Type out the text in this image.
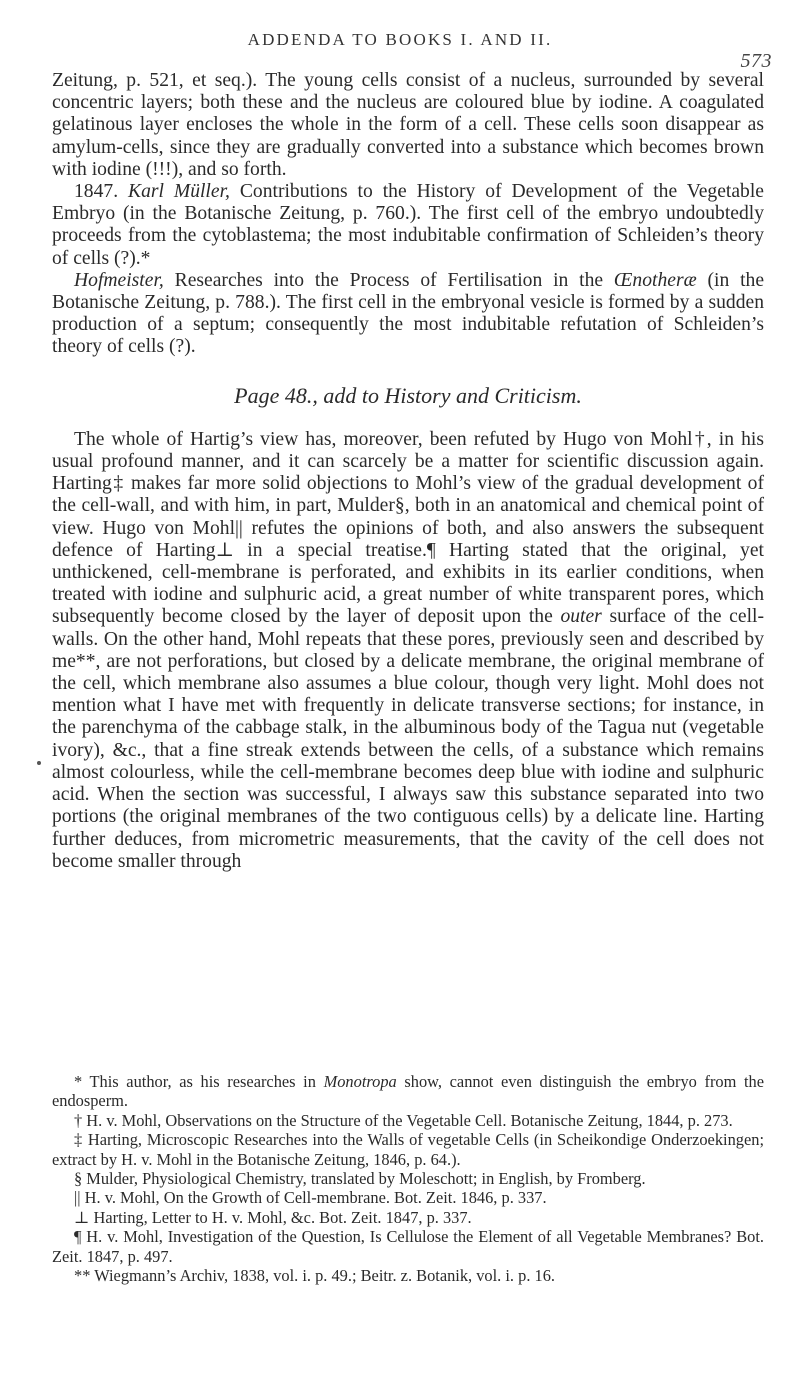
ADDENDA TO BOOKS I. AND II.
573

Zeitung, p. 521, et seq.). The young cells consist of a nucleus, surrounded by several concentric layers; both these and the nucleus are coloured blue by iodine. A coagulated gelatinous layer encloses the whole in the form of a cell. These cells soon disappear as amylum-cells, since they are gradually converted into a substance which becomes brown with iodine (!!!), and so forth.

1847. Karl Müller, Contributions to the History of Development of the Vegetable Embryo (in the Botanische Zeitung, p. 760.). The first cell of the embryo undoubtedly proceeds from the cytoblastema; the most indubitable confirmation of Schleiden’s theory of cells (?).*

Hofmeister, Researches into the Process of Fertilisation in the Œnotheræ (in the Botanische Zeitung, p. 788.). The first cell in the embryonal vesicle is formed by a sudden production of a septum; consequently the most indubitable refutation of Schleiden’s theory of cells (?).

Page 48., add to History and Criticism.

The whole of Hartig’s view has, moreover, been refuted by Hugo von Mohl†, in his usual profound manner, and it can scarcely be a matter for scientific discussion again. Harting‡ makes far more solid objections to Mohl’s view of the gradual development of the cell-wall, and with him, in part, Mulder§, both in an anatomical and chemical point of view. Hugo von Mohl|| refutes the opinions of both, and also answers the subsequent defence of Harting⊥ in a special treatise.¶ Harting stated that the original, yet unthickened, cell-membrane is perforated, and exhibits in its earlier conditions, when treated with iodine and sulphuric acid, a great number of white transparent pores, which subsequently become closed by the layer of deposit upon the outer surface of the cell-walls. On the other hand, Mohl repeats that these pores, previously seen and described by me**, are not perforations, but closed by a delicate membrane, the original membrane of the cell, which membrane also assumes a blue colour, though very light. Mohl does not mention what I have met with frequently in delicate transverse sections; for instance, in the parenchyma of the cabbage stalk, in the albuminous body of the Tagua nut (vegetable ivory), &c., that a fine streak extends between the cells, of a substance which remains almost colourless, while the cell-membrane becomes deep blue with iodine and sulphuric acid. When the section was successful, I always saw this substance separated into two portions (the original membranes of the two contiguous cells) by a delicate line. Harting further deduces, from micrometric measurements, that the cavity of the cell does not become smaller through

* This author, as his researches in Monotropa show, cannot even distinguish the embryo from the endosperm.

† H. v. Mohl, Observations on the Structure of the Vegetable Cell. Botanische Zeitung, 1844, p. 273.

‡ Harting, Microscopic Researches into the Walls of vegetable Cells (in Scheikondige Onderzoekingen; extract by H. v. Mohl in the Botanische Zeitung, 1846, p. 64.).

§ Mulder, Physiological Chemistry, translated by Moleschott; in English, by Fromberg.

|| H. v. Mohl, On the Growth of Cell-membrane. Bot. Zeit. 1846, p. 337.

⊥ Harting, Letter to H. v. Mohl, &c. Bot. Zeit. 1847, p. 337.

¶ H. v. Mohl, Investigation of the Question, Is Cellulose the Element of all Vegetable Membranes? Bot. Zeit. 1847, p. 497.

** Wiegmann’s Archiv, 1838, vol. i. p. 49.; Beitr. z. Botanik, vol. i. p. 16.
